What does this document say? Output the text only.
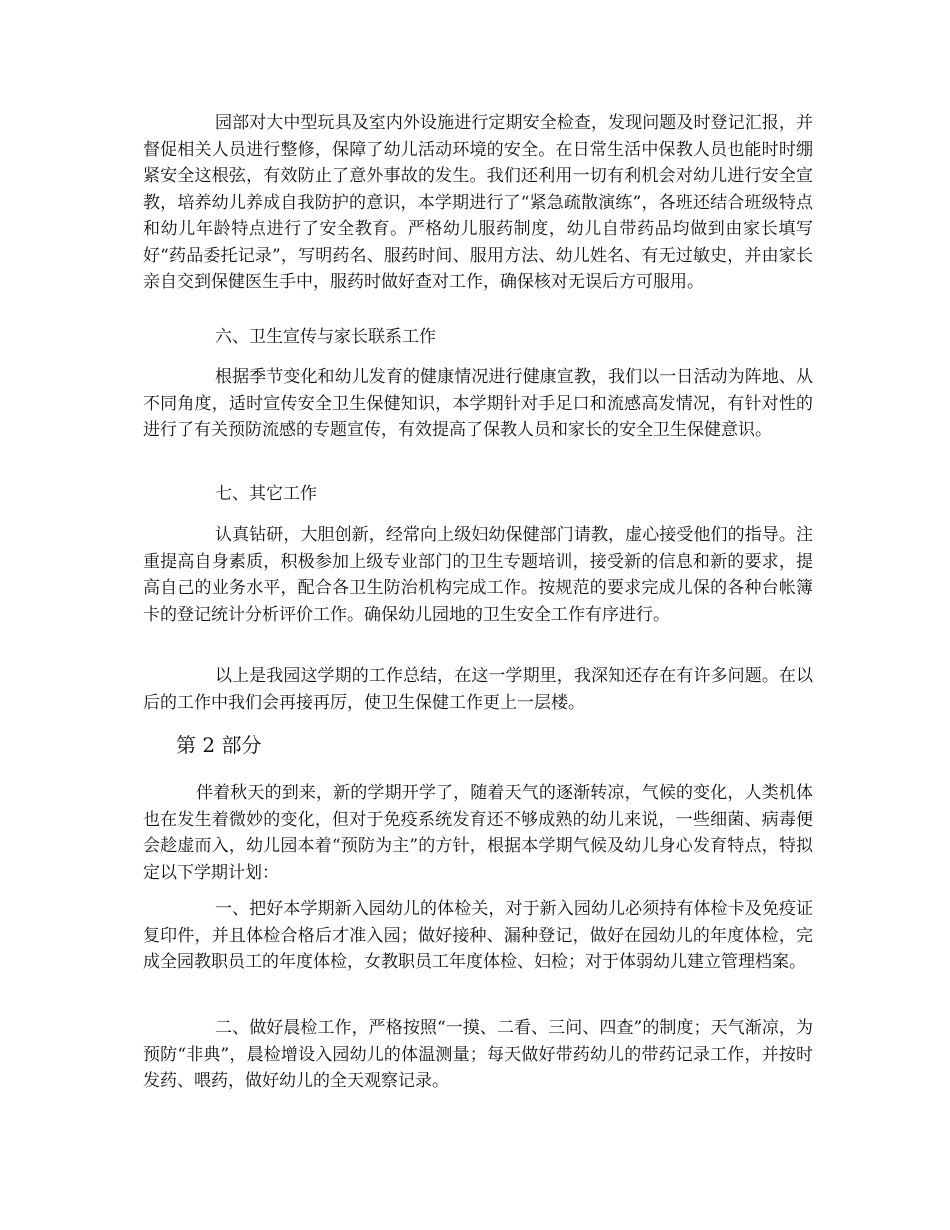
园部对大中型玩具及室内外设施进行定期安全检查，发现问题及时登记汇报，并督促相关人员进行整修，保障了幼儿活动环境的安全。在日常生活中保教人员也能时时绷紧安全这根弦，有效防止了意外事故的发生。我们还利用一切有利机会对幼儿进行安全宣教，培养幼儿养成自我防护的意识，本学期进行了“紧急疏散演练”，各班还结合班级特点和幼儿年龄特点进行了安全教育。严格幼儿服药制度，幼儿自带药品均做到由家长填写好“药品委托记录”，写明药名、服药时间、服用方法、幼儿姓名、有无过敏史，并由家长亲自交到保健医生手中，服药时做好查对工作，确保核对无误后方可服用。

六、卫生宣传与家长联系工作

根据季节变化和幼儿发育的健康情况进行健康宣教，我们以一日活动为阵地、从不同角度，适时宣传安全卫生保健知识，本学期针对手足口和流感高发情况，有针对性的进行了有关预防流感的专题宣传，有效提高了保教人员和家长的安全卫生保健意识。

七、其它工作

认真钻研，大胆创新，经常向上级妇幼保健部门请教，虚心接受他们的指导。注重提高自身素质，积极参加上级专业部门的卫生专题培训，接受新的信息和新的要求，提高自己的业务水平，配合各卫生防治机构完成工作。按规范的要求完成儿保的各种台帐簿卡的登记统计分析评价工作。确保幼儿园地的卫生安全工作有序进行。

以上是我园这学期的工作总结，在这一学期里，我深知还存在有许多问题。在以后的工作中我们会再接再厉，使卫生保健工作更上一层楼。

第 2 部分

伴着秋天的到来，新的学期开学了，随着天气的逐渐转凉，气候的变化，人类机体也在发生着微妙的变化，但对于免疫系统发育还不够成熟的幼儿来说，一些细菌、病毒便会趁虚而入，幼儿园本着“预防为主”的方针，根据本学期气候及幼儿身心发育特点，特拟定以下学期计划：

一、把好本学期新入园幼儿的体检关，对于新入园幼儿必须持有体检卡及免疫证复印件，并且体检合格后才准入园；做好接种、漏种登记，做好在园幼儿的年度体检，完成全园教职员工的年度体检，女教职员工年度体检、妇检；对于体弱幼儿建立管理档案。

二、做好晨检工作，严格按照“一摸、二看、三问、四查”的制度；天气渐凉，为预防“非典”，晨检增设入园幼儿的体温测量；每天做好带药幼儿的带药记录工作，并按时发药、喂药，做好幼儿的全天观察记录。
